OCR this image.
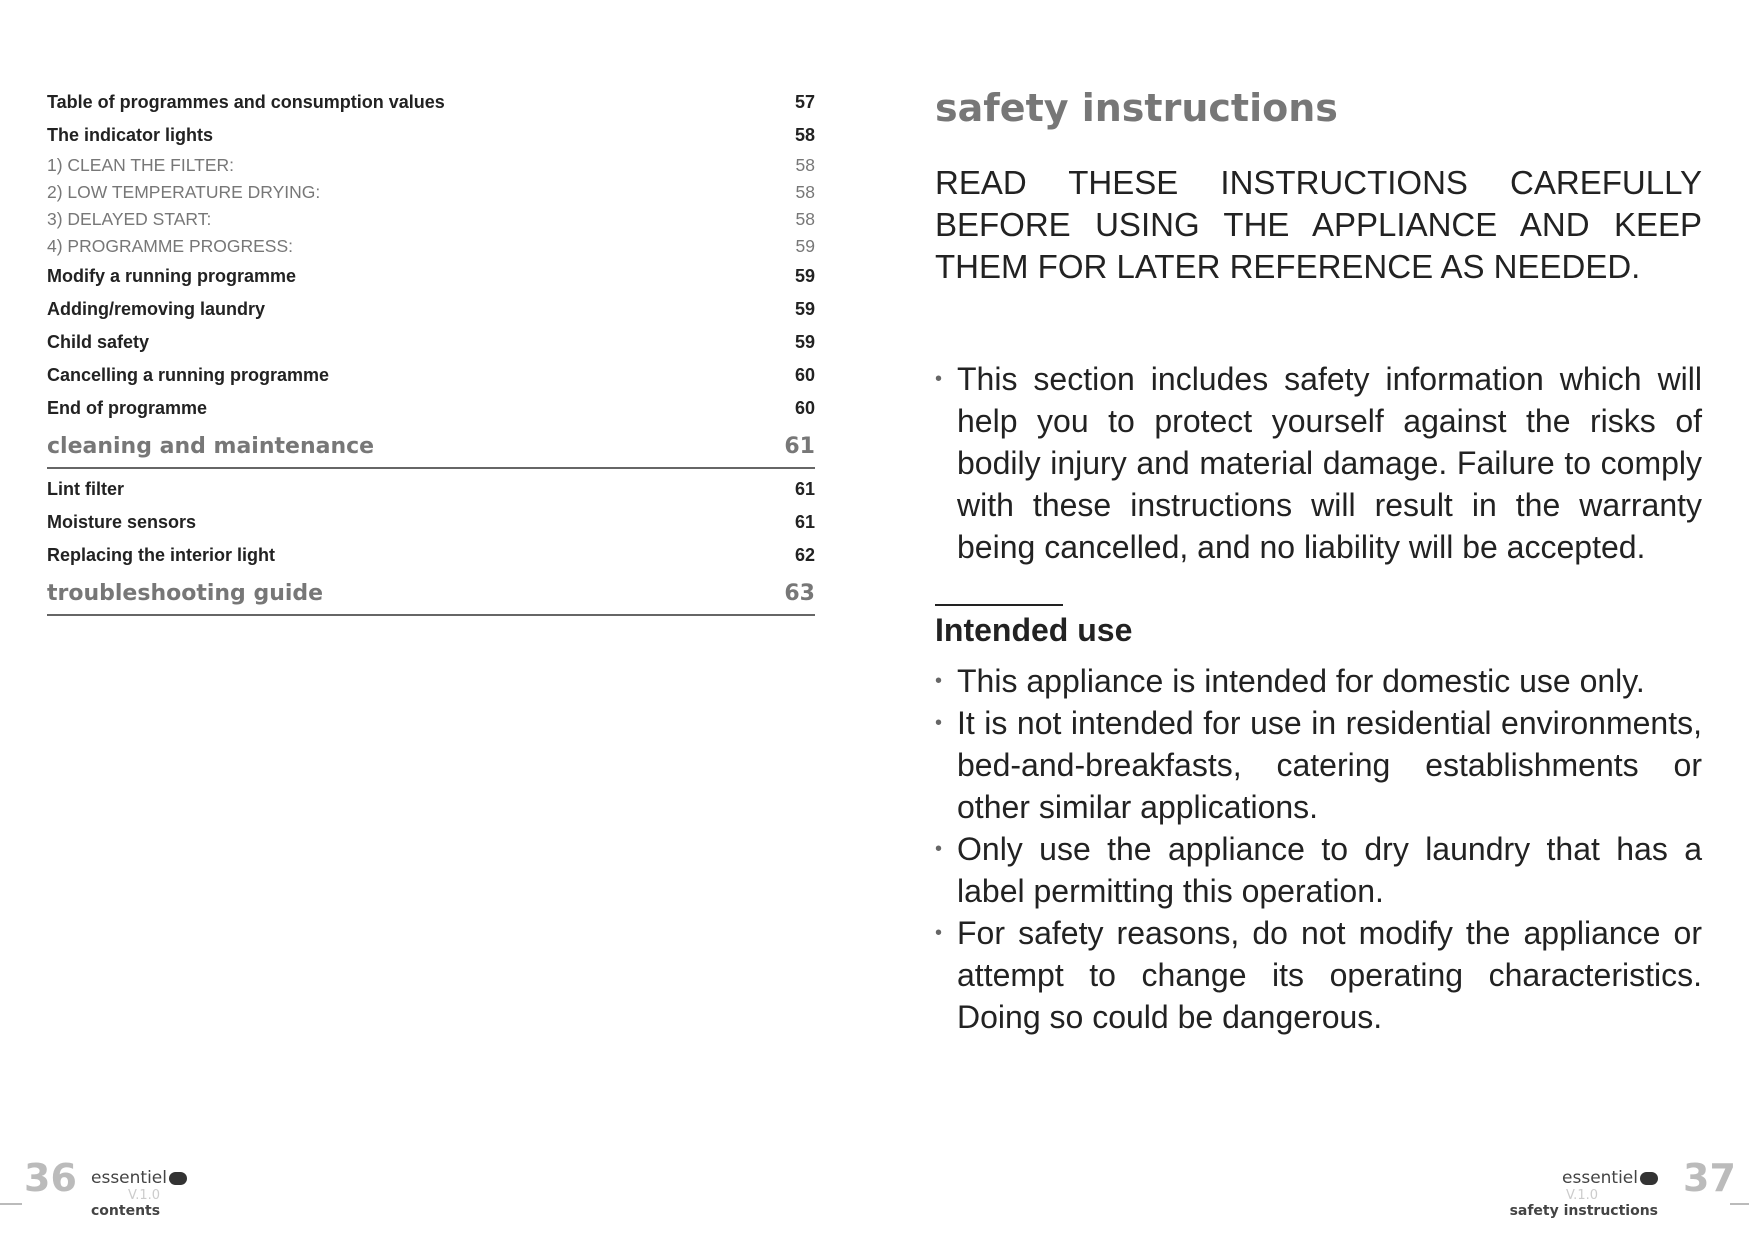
Table of programmes and consumption values	57
The indicator lights	58
1) CLEAN THE FILTER:	58
2) LOW TEMPERATURE DRYING:	58
3) DELAYED START:	58
4) PROGRAMME PROGRESS:	59
Modify a running programme	59
Adding/removing laundry	59
Child safety	59
Cancelling a running programme	60
End of programme	60
cleaning and maintenance	61
Lint filter	61
Moisture sensors	61
Replacing the interior light	62
troubleshooting guide	63
safety instructions
READ THESE INSTRUCTIONS CAREFULLY BEFORE USING THE APPLIANCE AND KEEP THEM FOR LATER REFERENCE AS NEEDED.
• This section includes safety information which will help you to protect yourself against the risks of bodily injury and material damage. Failure to comply with these instructions will result in the warranty being cancelled, and no liability will be accepted.
Intended use
• This appliance is intended for domestic use only.
• It is not intended for use in residential environments, bed-and-breakfasts, catering establishments or other similar applications.
• Only use the appliance to dry laundry that has a label permitting this operation.
• For safety reasons, do not modify the appliance or attempt to change its operating characteristics. Doing so could be dangerous.
36 essentiel
V.1.0
contents
37
essentiel
V.1.0
safety instructions
